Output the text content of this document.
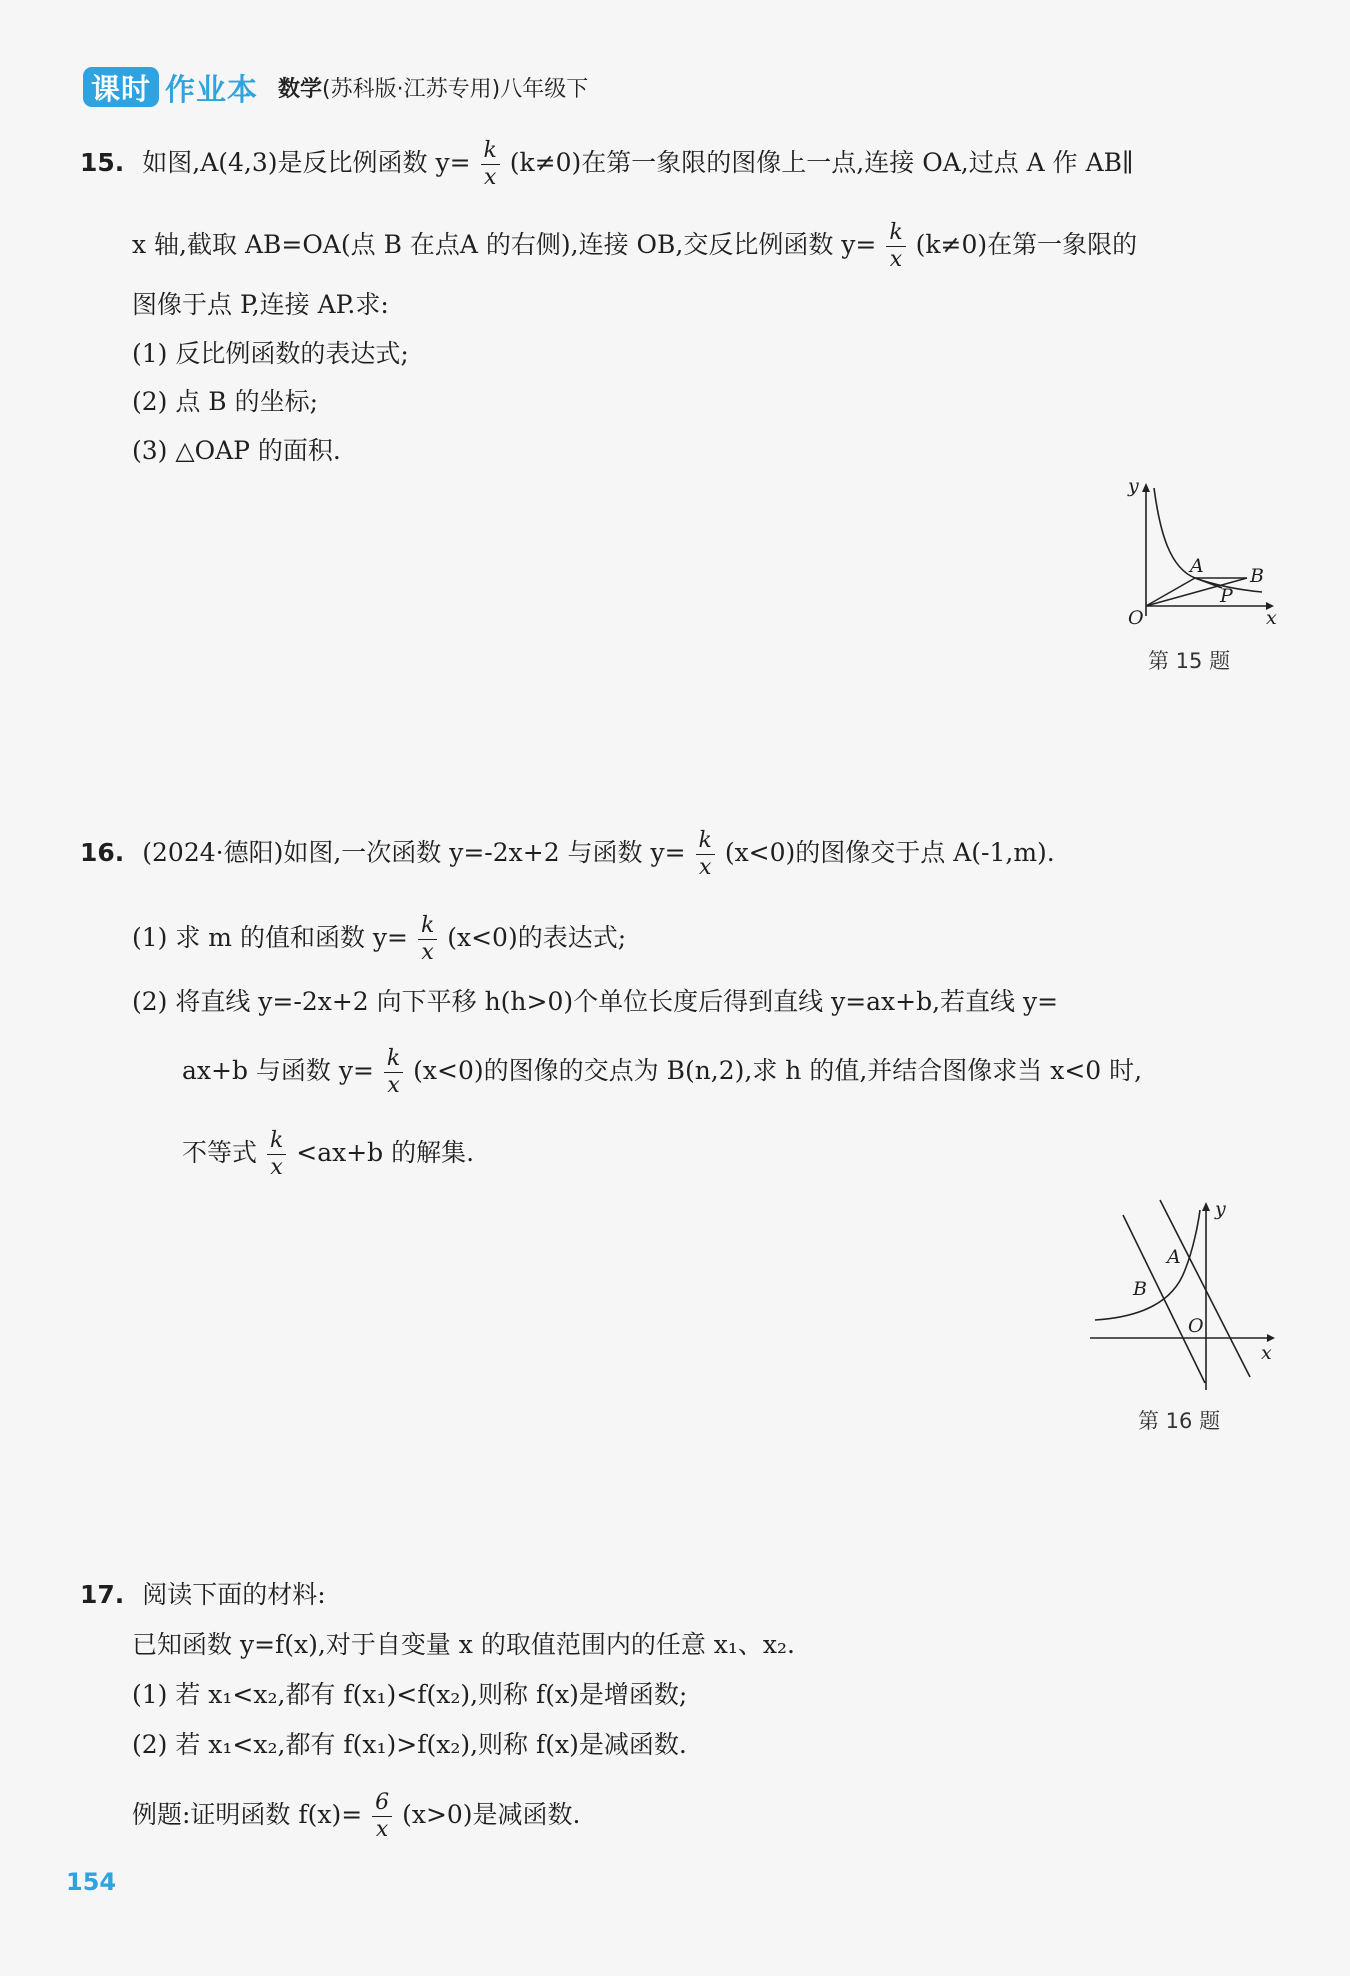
课时 作业本 数学 (苏科版·江苏专用)八年级下
15. 如图,A(4,3)是反比例函数 $y= \frac{k}{x} (k\ne 0)$在第一象限的图像上一点,连接 OA,过点 A 作 AB∥
x 轴,截取 AB=OA(点 B 在点A 的右侧),连接 OB,交反比例函数 $y= \frac{k}{x} (k\ne 0)$在第一象限的
图像于点 P,连接 AP.求:
(1) 反比例函数的表达式;
(2) 点 B 的坐标;
(3) △OAP 的面积.
y
x
O
A B
P
第 15 题
16. (2024·德阳)如图,一次函数 y=-2x+2 与函数 $y= \frac{k}{x} (x<0)$的图像交于点 A(-1,m).
(1) 求 m 的值和函数 $y= \frac{k}{x} (x<0)$的表达式;
(2) 将直线 y=-2x+2 向下平移 h(h>0)个单位长度后得到直线 y=ax+b,若直线 y=
ax+b 与函数 $y= \frac{k}{x} (x<0)$的图像的交点为 B(n,2),求 h 的值,并结合图像求当 x<0 时,
不等式 $\frac{k}{x} <ax+b$ 的解集.
A
B
O
y
x
第 16 题
17. 阅读下面的材料:
已知函数 y=f(x),对于自变量 x 的取值范围内的任意 x₁、x₂.
(1) 若 x₁<x₂,都有 f(x₁)<f(x₂),则称 f(x)是增函数;
(2) 若 x₁<x₂,都有 f(x₁)>f(x₂),则称 f(x)是减函数.
例题:证明函数 $f(x)= \frac{6}{x} (x>0)$是减函数.
154
